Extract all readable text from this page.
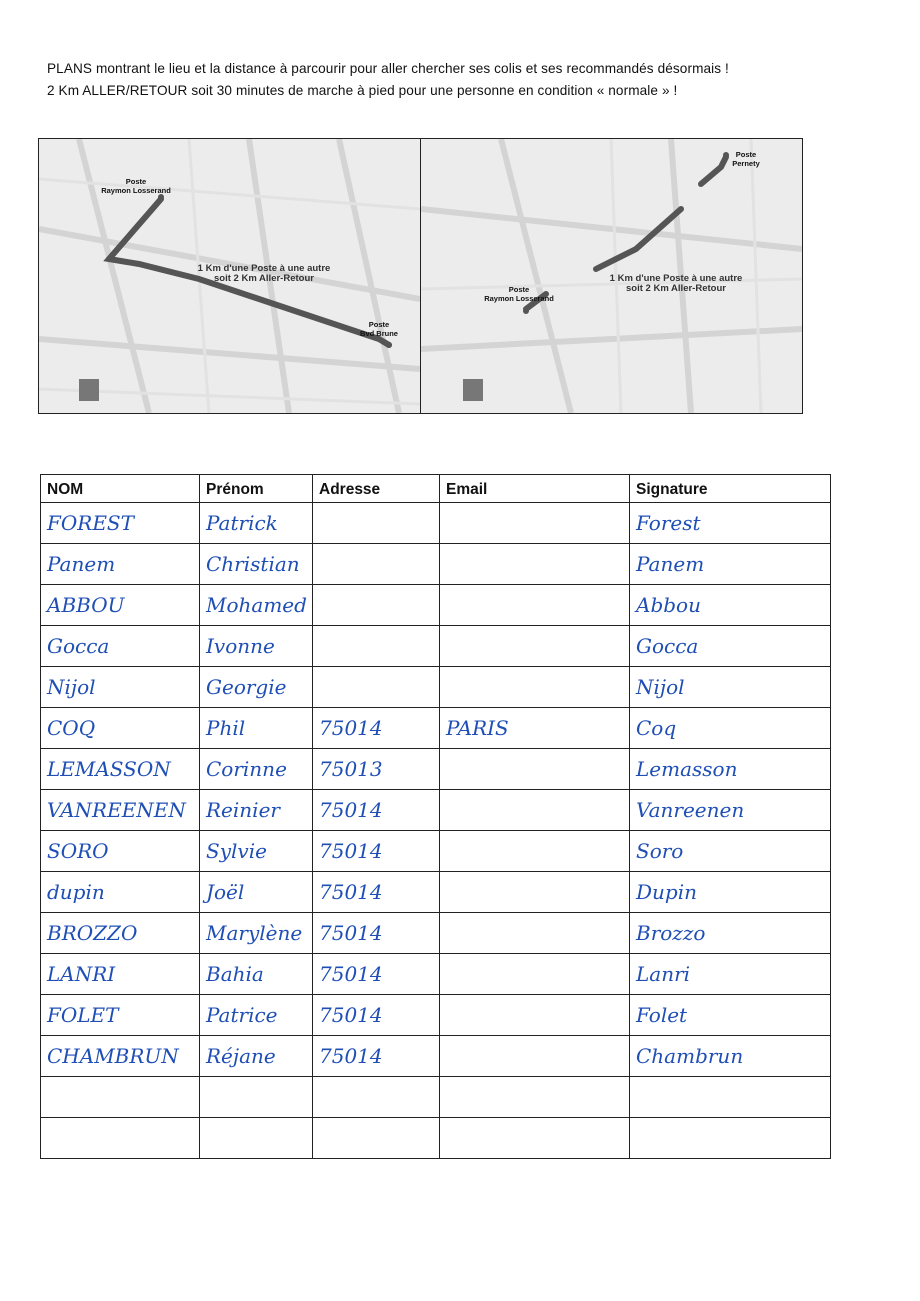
PLANS montrant le lieu et la distance à parcourir pour aller chercher ses colis et ses recommandés désormais !
2 Km ALLER/RETOUR soit 30 minutes de marche à pied pour une personne en condition « normale » !
Poste
Raymon Losserand
Poste
Bvd Brune
1 Km d'une Poste à une autre
soit 2 Km Aller-Retour
Poste
Pernety
Poste
Raymon Losserand
1 Km d'une Poste à une autre
soit 2 Km Aller-Retour
NOM	Prénom	Adresse	Email	Signature
FOREST	Patrick			Forest
Panem	Christian			Panem
ABBOU	Mohamed			Abbou
Gocca	Ivonne			Gocca
Nijol	Georgie			Nijol
COQ	Phil	75014	PARIS	Coq
LEMASSON	Corinne	75013		Lemasson
VANREENEN	Reinier	75014		Vanreenen
SORO	Sylvie	75014		Soro
dupin	Joël	75014		Dupin
BROZZO	Marylène	75014		Brozzo
LANRI	Bahia	75014		Lanri
FOLET	Patrice	75014		Folet
CHAMBRUN	Réjane	75014		Chambrun
